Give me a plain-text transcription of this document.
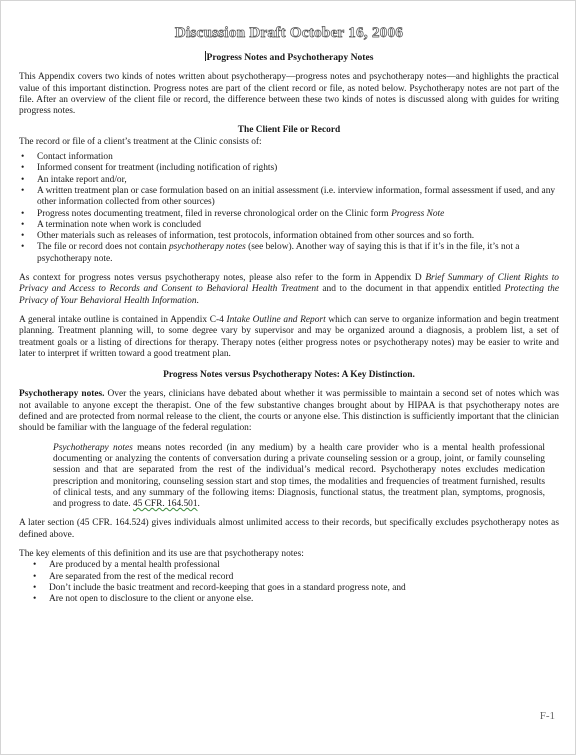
Discussion Draft October 16, 2006
Progress Notes and Psychotherapy Notes

This Appendix covers two kinds of notes written about psychotherapy—progress notes and psychotherapy notes—and highlights the practical value of this important distinction. Progress notes are part of the client record or file, as noted below. Psychotherapy notes are not part of the file. After an overview of the client file or record, the difference between these two kinds of notes is discussed along with guides for writing progress notes.

The Client File or Record

The record or file of a client’s treatment at the Clinic consists of:

• Contact information
• Informed consent for treatment (including notification of rights)
• An intake report and/or,
• A written treatment plan or case formulation based on an initial assessment (i.e. interview information, formal assessment if used, and any other information collected from other sources)
• Progress notes documenting treatment, filed in reverse chronological order on the Clinic form Progress Note
• A termination note when work is concluded
• Other materials such as releases of information, test protocols, information obtained from other sources and so forth.
• The file or record does not contain psychotherapy notes (see below). Another way of saying this is that if it’s in the file, it’s not a psychotherapy note.

As context for progress notes versus psychotherapy notes, please also refer to the form in Appendix D Brief Summary of Client Rights to Privacy and Access to Records and Consent to Behavioral Health Treatment and to the document in that appendix entitled Protecting the Privacy of Your Behavioral Health Information.

A general intake outline is contained in Appendix C-4 Intake Outline and Report which can serve to organize information and begin treatment planning. Treatment planning will, to some degree vary by supervisor and may be organized around a diagnosis, a problem list, a set of treatment goals or a listing of directions for therapy. Therapy notes (either progress notes or psychotherapy notes) may be easier to write and later to interpret if written toward a good treatment plan.

Progress Notes versus Psychotherapy Notes: A Key Distinction.

Psychotherapy notes. Over the years, clinicians have debated about whether it was permissible to maintain a second set of notes which was not available to anyone except the therapist. One of the few substantive changes brought about by HIPAA is that psychotherapy notes are defined and are protected from normal release to the client, the courts or anyone else. This distinction is sufficiently important that the clinician should be familiar with the language of the federal regulation:

Psychotherapy notes means notes recorded (in any medium) by a health care provider who is a mental health professional documenting or analyzing the contents of conversation during a private counseling session or a group, joint, or family counseling session and that are separated from the rest of the individual’s medical record. Psychotherapy notes excludes medication prescription and monitoring, counseling session start and stop times, the modalities and frequencies of treatment furnished, results of clinical tests, and any summary of the following items: Diagnosis, functional status, the treatment plan, symptoms, prognosis, and progress to date. 45 CFR. 164.501.

A later section (45 CFR. 164.524) gives individuals almost unlimited access to their records, but specifically excludes psychotherapy notes as defined above.

The key elements of this definition and its use are that psychotherapy notes:

• Are produced by a mental health professional
• Are separated from the rest of the medical record
• Don’t include the basic treatment and record-keeping that goes in a standard progress note, and
• Are not open to disclosure to the client or anyone else.
F-1
